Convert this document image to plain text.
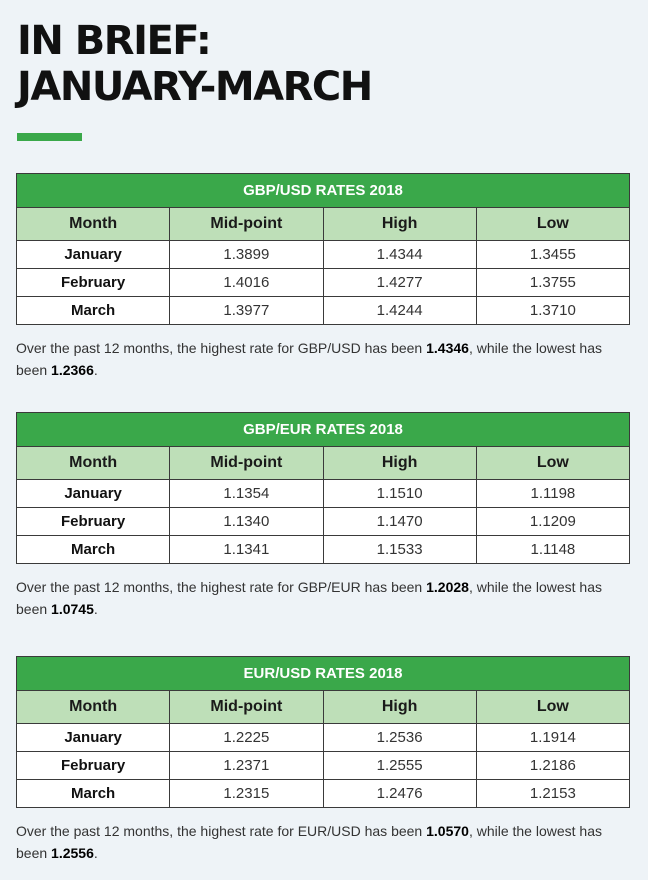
IN BRIEF:
JANUARY-MARCH
GBP/USD RATES 2018			
Month	Mid-point	High	Low
January	1.3899	1.4344	1.3455
February	1.4016	1.4277	1.3755
March	1.3977	1.4244	1.3710

Over the past 12 months, the highest rate for GBP/USD has been 1.4346, while the lowest has been 1.2366.

GBP/EUR RATES 2018			
Month	Mid-point	High	Low
January	1.1354	1.1510	1.1198
February	1.1340	1.1470	1.1209
March	1.1341	1.1533	1.1148

Over the past 12 months, the highest rate for GBP/EUR has been 1.2028, while the lowest has been 1.0745.

EUR/USD RATES 2018			
Month	Mid-point	High	Low
January	1.2225	1.2536	1.1914
February	1.2371	1.2555	1.2186
March	1.2315	1.2476	1.2153

Over the past 12 months, the highest rate for EUR/USD has been 1.0570, while the lowest has been 1.2556.
